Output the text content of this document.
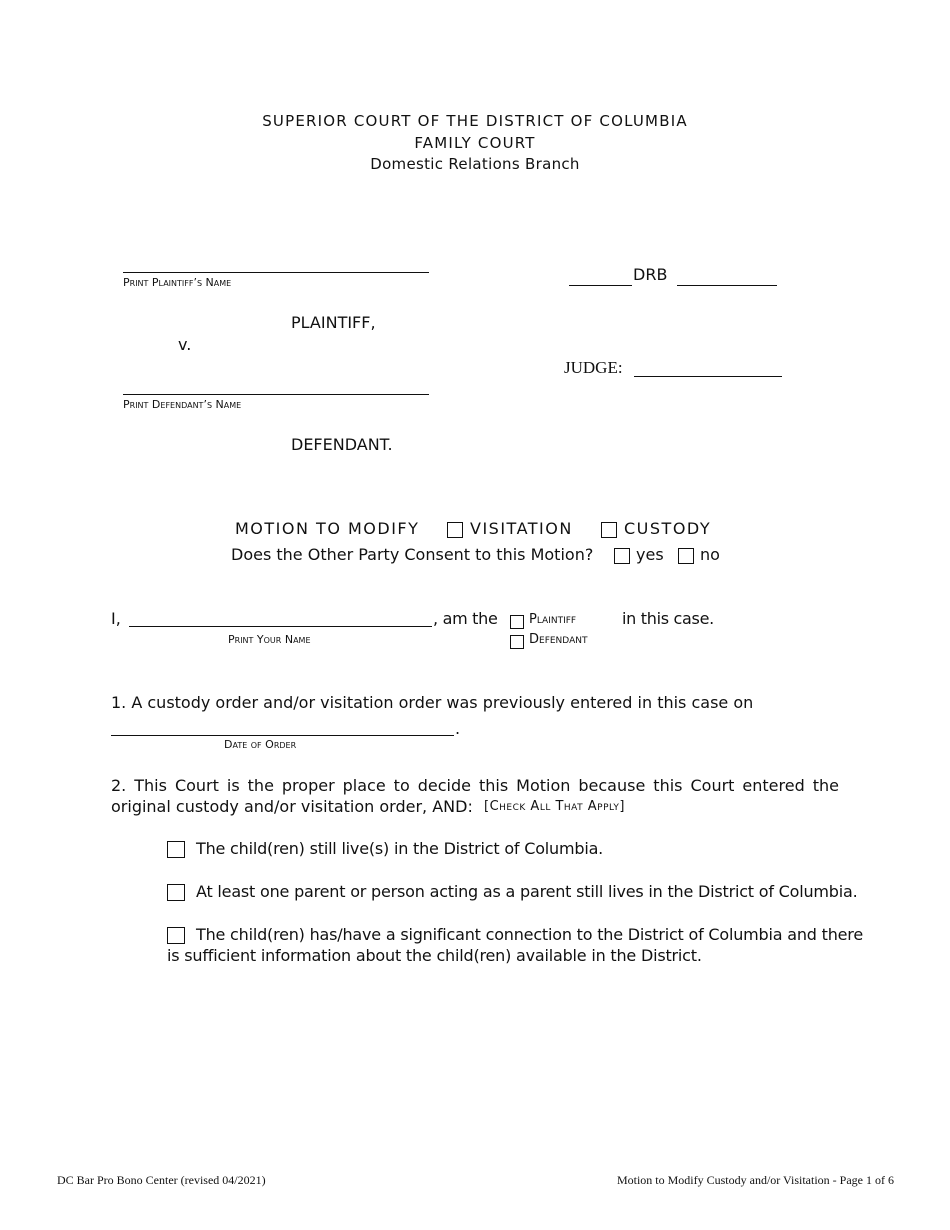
SUPERIOR COURT OF THE DISTRICT OF COLUMBIA
FAMILY COURT
Domestic Relations Branch
Print Plaintiff’s Name
PLAINTIFF,
v.
Print Defendant’s Name
DEFENDANT.
DRB
JUDGE:
MOTION TO MODIFY	VISITATION	CUSTODY
Does the Other Party Consent to this Motion?	yes no
I,	, am the Plaintiff
Defendant
in this case.
Print Your Name
1. A custody order and/or visitation order was previously entered in this case on
.
Date of Order
2. This Court is the proper place to decide this Motion because this Court entered the
original custody and/or visitation order, AND: [Check All That Apply]
The child(ren) still live(s) in the District of Columbia.
At least one parent or person acting as a parent still lives in the District of Columbia.
The child(ren) has/have a significant connection to the District of Columbia and there
is sufficient information about the child(ren) available in the District.
DC Bar Pro Bono Center (revised 04/2021)	Motion to Modify Custody and/or Visitation - Page 1 of 6
